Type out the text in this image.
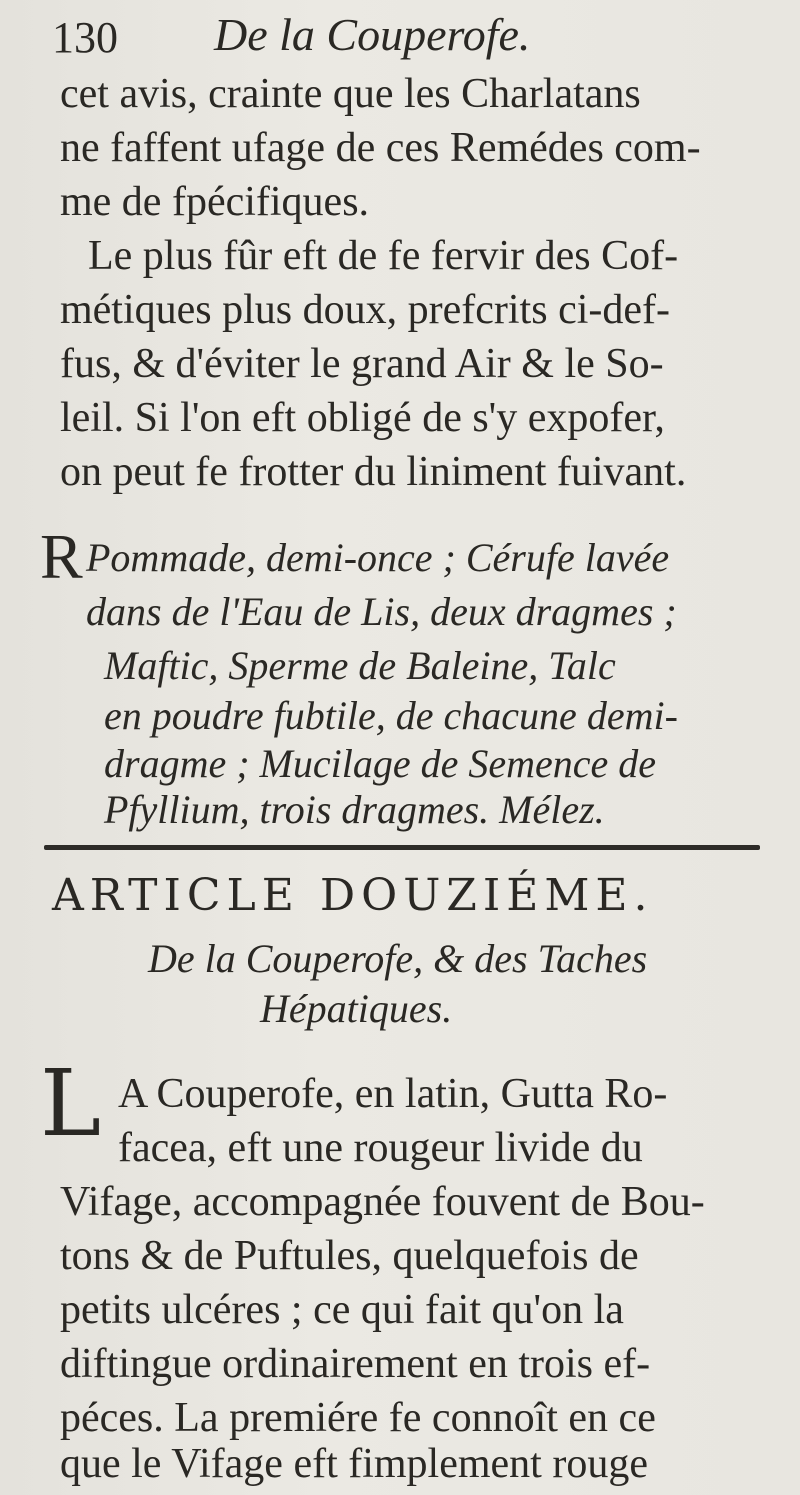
130 De la Couperofe.
cet avis, crainte que les Charlatans
ne faffent ufage de ces Remédes com-
me de fpécifiques.
Le plus fûr eft de fe fervir des Cof-
métiques plus doux, prefcrits ci-def-
fus, & d'éviter le grand Air & le So-
leil. Si l'on eft obligé de s'y expofer,
on peut fe frotter du liniment fuivant.
R Pommade, demi-once ; Cérufe lavée
dans de l'Eau de Lis, deux dragmes ;
Maftic, Sperme de Baleine, Talc
en poudre fubtile, de chacune demi-
dragme ; Mucilage de Semence de
Pfyllium, trois dragmes. Mélez.
ARTICLE DOUZIÉME.
De la Couperofe, & des Taches
Hépatiques.
L A Couperofe, en latin, Gutta Ro-
facea, eft une rougeur livide du
Vifage, accompagnée fouvent de Bou-
tons & de Puftules, quelquefois de
petits ulcéres ; ce qui fait qu'on la
diftingue ordinairement en trois ef-
péces. La premiére fe connoît en ce
que le Vifage eft fimplement rouge
